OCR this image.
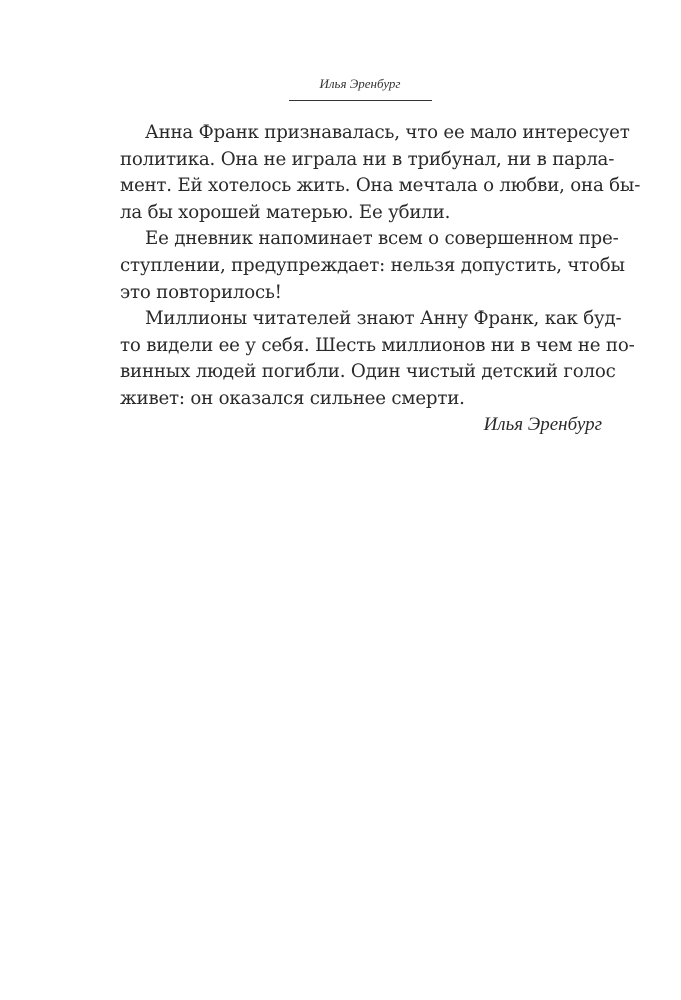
Илья Эренбург
Анна Франк признавалась, что ее мало интересует
политика. Она не играла ни в трибунал, ни в парла-
мент. Ей хотелось жить. Она мечтала о любви, она бы-
ла бы хорошей матерью. Ее убили.
Ее дневник напоминает всем о совершенном пре-
ступлении, предупреждает: нельзя допустить, чтобы
это повторилось!
Миллионы читателей знают Анну Франк, как буд-
то видели ее у себя. Шесть миллионов ни в чем не по-
винных людей погибли. Один чистый детский голос
живет: он оказался сильнее смерти.
Илья Эренбург
